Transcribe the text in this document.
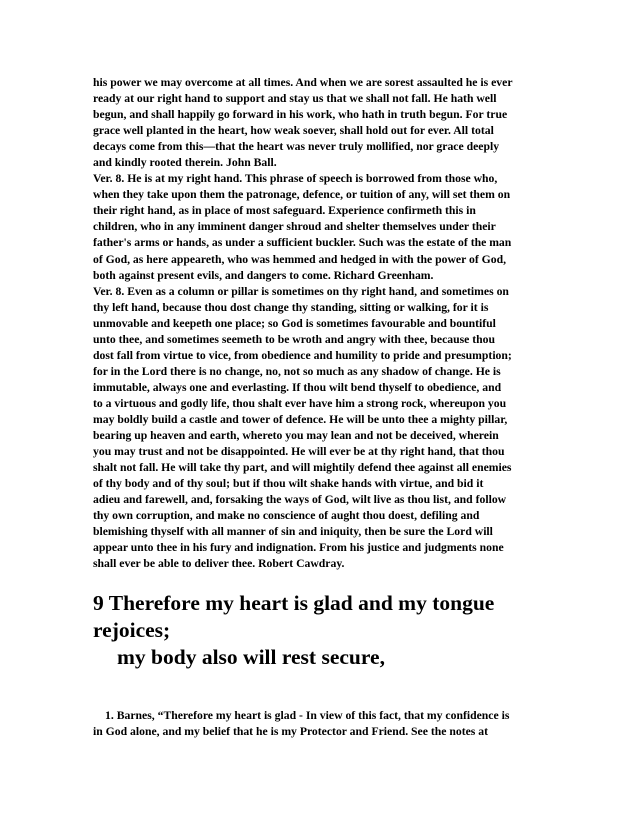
his power we may overcome at all times. And when we are sorest assaulted he is ever

ready at our right hand to support and stay us that we shall not fall. He hath well

begun, and shall happily go forward in his work, who hath in truth begun. For true

grace well planted in the heart, how weak soever, shall hold out for ever. All total

decays come from this—that the heart was never truly mollified, nor grace deeply

and kindly rooted therein. John Ball.

Ver. 8. He is at my right hand. This phrase of speech is borrowed from those who,

when they take upon them the patronage, defence, or tuition of any, will set them on

their right hand, as in place of most safeguard. Experience confirmeth this in

children, who in any imminent danger shroud and shelter themselves under their

father's arms or hands, as under a sufficient buckler. Such was the estate of the man

of God, as here appeareth, who was hemmed and hedged in with the power of God,

both against present evils, and dangers to come. Richard Greenham.

Ver. 8. Even as a column or pillar is sometimes on thy right hand, and sometimes on

thy left hand, because thou dost change thy standing, sitting or walking, for it is

unmovable and keepeth one place; so God is sometimes favourable and bountiful

unto thee, and sometimes seemeth to be wroth and angry with thee, because thou

dost fall from virtue to vice, from obedience and humility to pride and presumption;

for in the Lord there is no change, no, not so much as any shadow of change. He is

immutable, always one and everlasting. If thou wilt bend thyself to obedience, and

to a virtuous and godly life, thou shalt ever have him a strong rock, whereupon you

may boldly build a castle and tower of defence. He will be unto thee a mighty pillar,

bearing up heaven and earth, whereto you may lean and not be deceived, wherein

you may trust and not be disappointed. He will ever be at thy right hand, that thou

shalt not fall. He will take thy part, and will mightily defend thee against all enemies

of thy body and of thy soul; but if thou wilt shake hands with virtue, and bid it

adieu and farewell, and, forsaking the ways of God, wilt live as thou list, and follow

thy own corruption, and make no conscience of aught thou doest, defiling and

blemishing thyself with all manner of sin and iniquity, then be sure the Lord will

appear unto thee in his fury and indignation. From his justice and judgments none

shall ever be able to deliver thee. Robert Cawdray.

9 Therefore my heart is glad and my tongue
rejoices;
my body also will rest secure,
1. Barnes, “Therefore my heart is glad - In view of this fact, that my confidence is
in God alone, and my belief that he is my Protector and Friend. See the notes at
